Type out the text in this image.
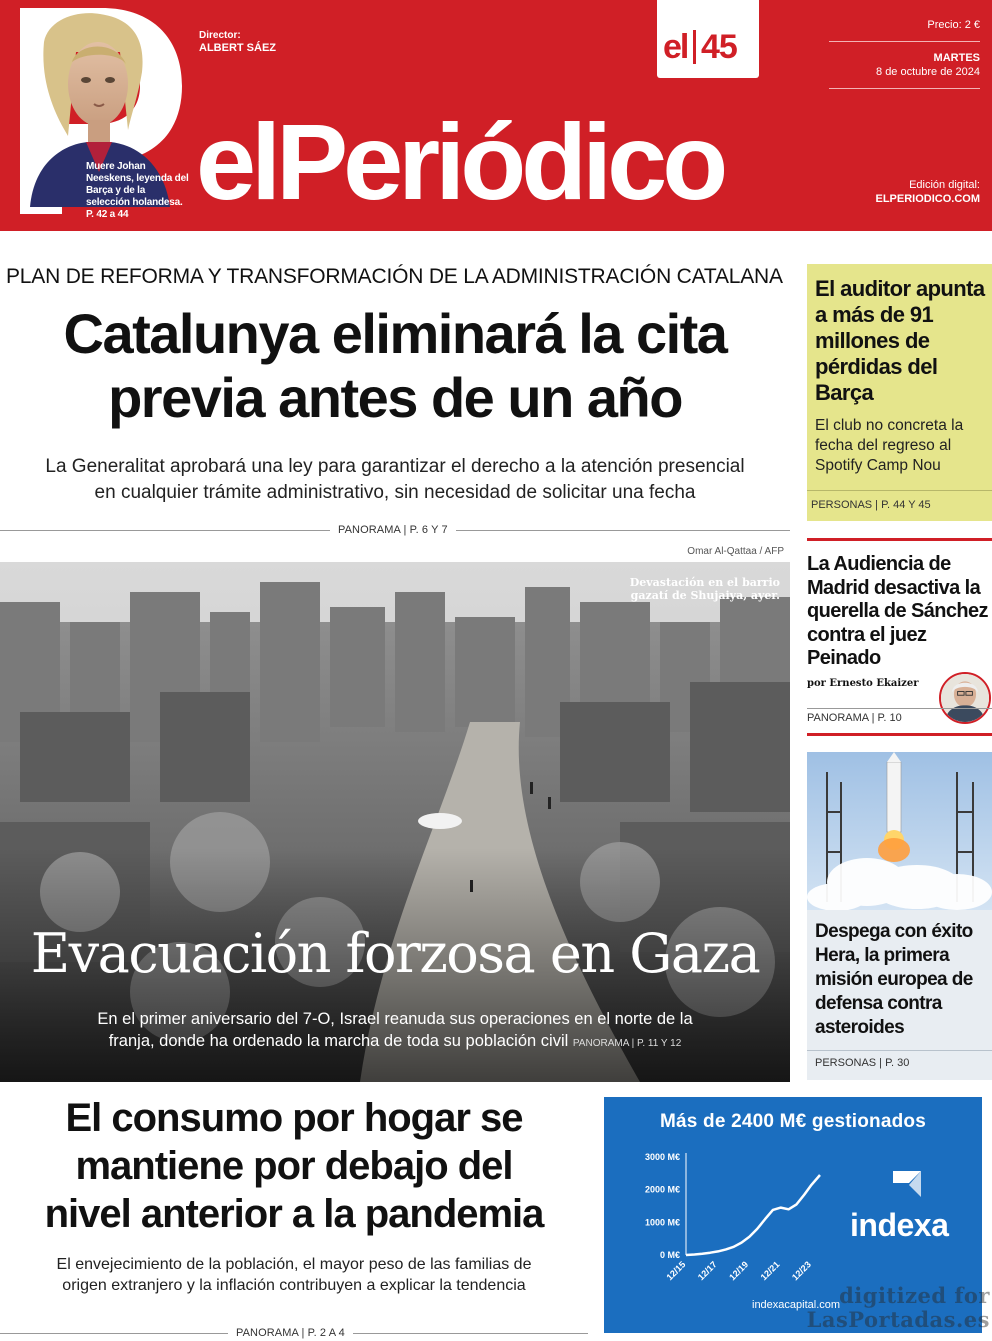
Muere Johan Neeskens, leyenda del Barça y de la selección holandesa. P. 42 a 44
Director:
ALBERT SÁEZ
elPeriódico
el 45
Precio: 2 €
MARTES
8 de octubre de 2024
Edición digital:
ELPERIODICO.COM
PLAN DE REFORMA Y TRANSFORMACIÓN DE LA ADMINISTRACIÓN CATALANA
Catalunya eliminará la cita
previa antes de un año
La Generalitat aprobará una ley para garantizar el derecho a la atención presencial
en cualquier trámite administrativo, sin necesidad de solicitar una fecha
PANORAMA | P. 6 Y 7
Omar Al-Qattaa / AFP
Devastación en el barrio
gazatí de Shujaiya, ayer.
Evacuación forzosa en Gaza
En el primer aniversario del 7-O, Israel reanuda sus operaciones en el norte de la
franja, donde ha ordenado la marcha de toda su población civil PANORAMA | P. 11 Y 12
El consumo por hogar se
mantiene por debajo del
nivel anterior a la pandemia
El envejecimiento de la población, el mayor peso de las familias de
origen extranjero y la inflación contribuyen a explicar la tendencia
PANORAMA | P. 2 A 4
El auditor apunta a más de 91 millones de pérdidas del Barça
El club no concreta la fecha del regreso al Spotify Camp Nou
PERSONAS | P. 44 Y 45
La Audiencia de Madrid desactiva la querella de Sánchez contra el juez Peinado
por Ernesto Ekaizer
PANORAMA | P. 10
Despega con éxito Hera, la primera misión europea de defensa contra asteroides
PERSONAS | P. 30
Más de 2400 M€ gestionados
0 M€
1000 M€
2000 M€
3000 M€
12/15 12/17 12/19 12/21 12/23
indexa
indexacapital.com digitized for
LasPortadas.es
